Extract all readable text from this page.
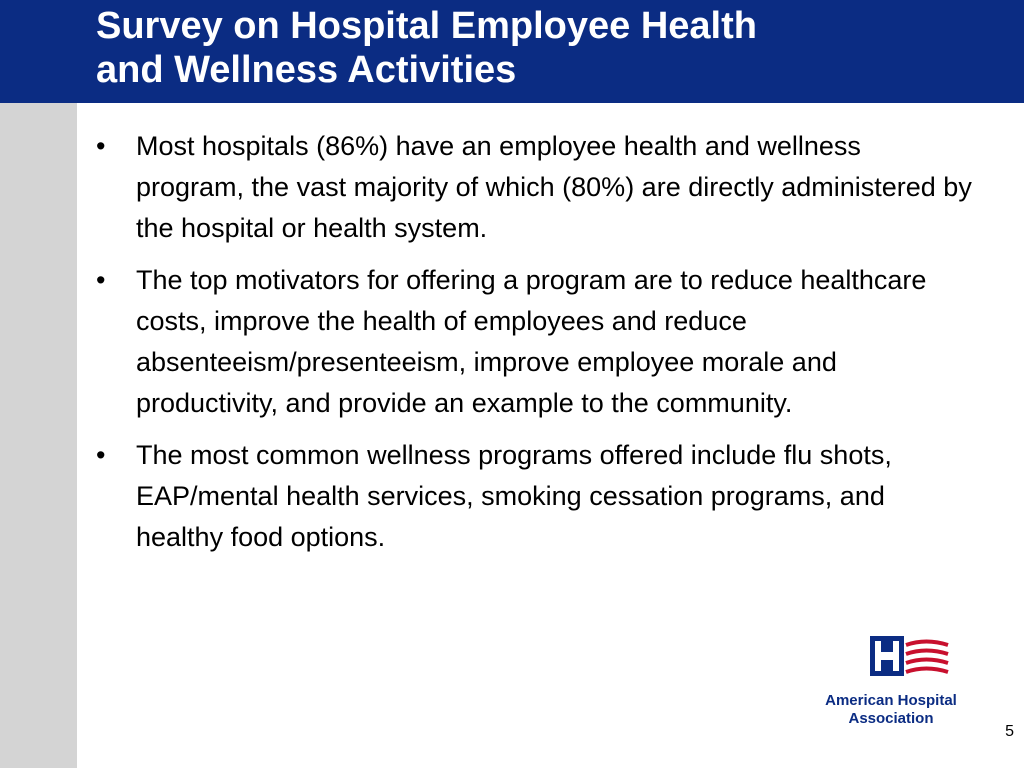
Survey on Hospital Employee Health
and Wellness Activities
• Most hospitals (86%) have an employee health and wellness program, the vast majority of which (80%) are directly administered by the hospital or health system.
• The top motivators for offering a program are to reduce healthcare costs, improve the health of employees and reduce absenteeism/presenteeism, improve employee morale and productivity, and provide an example to the community.
• The most common wellness programs offered include flu shots, EAP/mental health services, smoking cessation programs, and healthy food options.
American Hospital
Association
5
